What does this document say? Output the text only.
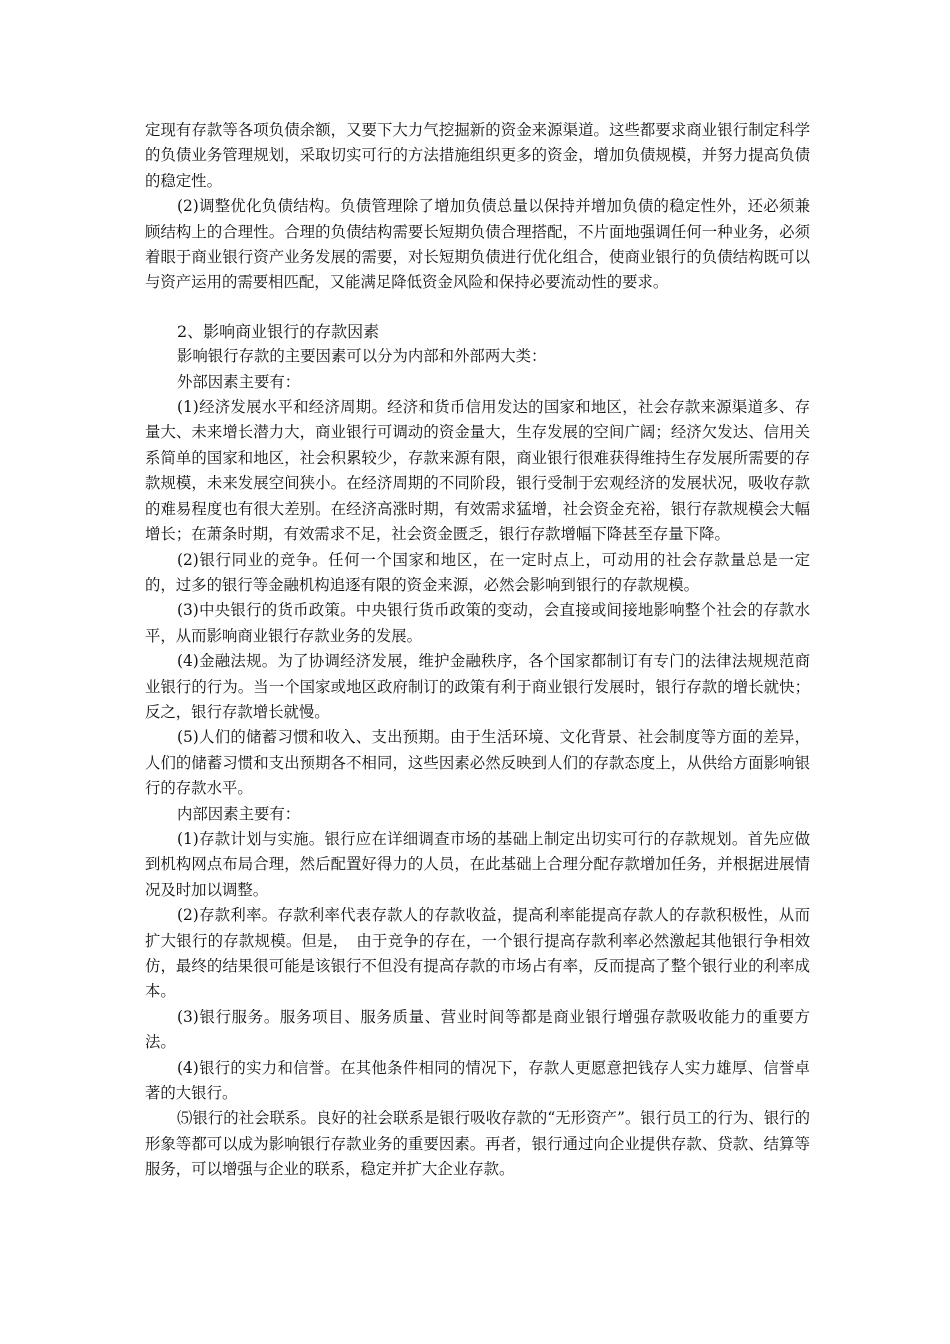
定现有存款等各项负债余额，又要下大力气挖掘新的资金来源渠道。这些都要求商业银行制定科学的负债业务管理规划，采取切实可行的方法措施组织更多的资金，增加负债规模，并努力提高负债的稳定性。

(2)调整优化负债结构。负债管理除了增加负债总量以保持并增加负债的稳定性外，还必须兼顾结构上的合理性。合理的负债结构需要长短期负债合理搭配，不片面地强调任何一种业务，必须着眼于商业银行资产业务发展的需要，对长短期负债进行优化组合，使商业银行的负债结构既可以与资产运用的需要相匹配，又能满足降低资金风险和保持必要流动性的要求。

2、影响商业银行的存款因素

影响银行存款的主要因素可以分为内部和外部两大类：

外部因素主要有：

(1)经济发展水平和经济周期。经济和货币信用发达的国家和地区，社会存款来源渠道多、存量大、未来增长潜力大，商业银行可调动的资金量大，生存发展的空间广阔；经济欠发达、信用关系简单的国家和地区，社会积累较少，存款来源有限，商业银行很难获得维持生存发展所需要的存款规模，未来发展空间狭小。在经济周期的不同阶段，银行受制于宏观经济的发展状况，吸收存款的难易程度也有很大差别。在经济高涨时期，有效需求猛增，社会资金充裕，银行存款规模会大幅增长；在萧条时期，有效需求不足，社会资金匮乏，银行存款增幅下降甚至存量下降。

(2)银行同业的竞争。任何一个国家和地区，在一定时点上，可动用的社会存款量总是一定的，过多的银行等金融机构追逐有限的资金来源，必然会影响到银行的存款规模。

(3)中央银行的货币政策。中央银行货币政策的变动，会直接或间接地影响整个社会的存款水平，从而影响商业银行存款业务的发展。

(4)金融法规。为了协调经济发展，维护金融秩序，各个国家都制订有专门的法律法规规范商业银行的行为。当一个国家或地区政府制订的政策有利于商业银行发展时，银行存款的增长就快；反之，银行存款增长就慢。

(5)人们的储蓄习惯和收入、支出预期。由于生活环境、文化背景、社会制度等方面的差异，人们的储蓄习惯和支出预期各不相同，这些因素必然反映到人们的存款态度上，从供给方面影响银行的存款水平。

内部因素主要有：

(1)存款计划与实施。银行应在详细调查市场的基础上制定出切实可行的存款规划。首先应做到机构网点布局合理，然后配置好得力的人员，在此基础上合理分配存款增加任务，并根据进展情况及时加以调整。

(2)存款利率。存款利率代表存款人的存款收益，提高利率能提高存款人的存款积极性，从而扩大银行的存款规模。但是，　由于竞争的存在，一个银行提高存款利率必然激起其他银行争相效仿，最终的结果很可能是该银行不但没有提高存款的市场占有率，反而提高了整个银行业的利率成本。

(3)银行服务。服务项目、服务质量、营业时间等都是商业银行增强存款吸收能力的重要方法。

(4)银行的实力和信誉。在其他条件相同的情况下，存款人更愿意把钱存人实力雄厚、信誉卓著的大银行。

⑸银行的社会联系。良好的社会联系是银行吸收存款的“无形资产”。银行员工的行为、银行的形象等都可以成为影响银行存款业务的重要因素。再者，银行通过向企业提供存款、贷款、结算等服务，可以增强与企业的联系，稳定并扩大企业存款。
